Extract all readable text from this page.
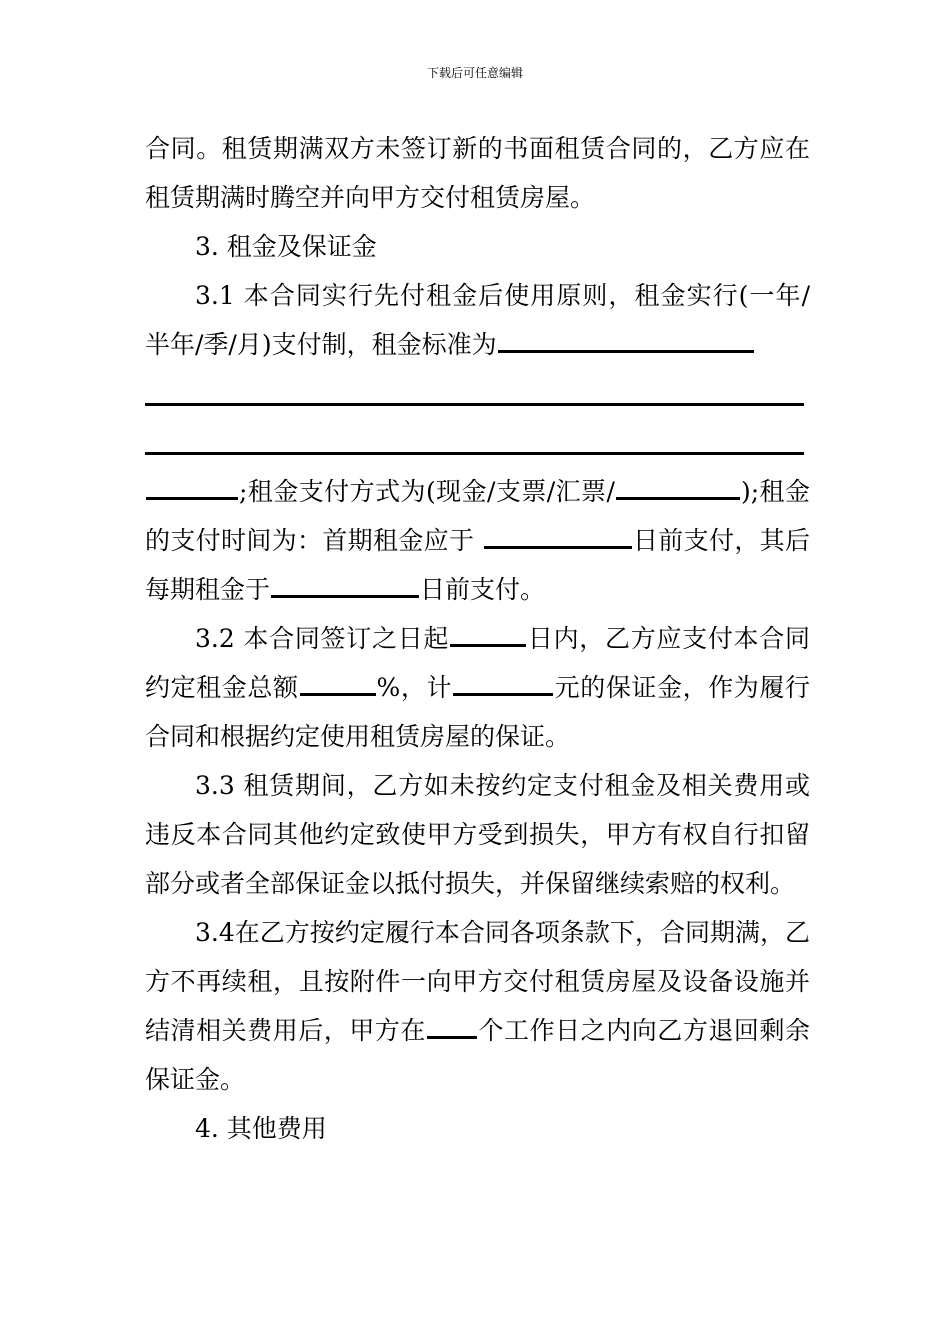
下载后可任意编辑

合同。租赁期满双方未签订新的书面租赁合同的，乙方应在租赁期满时腾空并向甲方交付租赁房屋。

3. 租金及保证金

3.1 本合同实行先付租金后使用原则，租金实行(一年/半年/季/月)支付制，租金标准为

;租金支付方式为(现金/支票/汇票/	);租金的支付时间为：首期租金应于	日前支付，其后每期租金于	日前支付。

3.2 本合同签订之日起	日内，乙方应支付本合同约定租金总额	%，计	元的保证金，作为履行合同和根据约定使用租赁房屋的保证。

3.3 租赁期间，乙方如未按约定支付租金及相关费用或违反本合同其他约定致使甲方受到损失，甲方有权自行扣留部分或者全部保证金以抵付损失，并保留继续索赔的权利。

3.4在乙方按约定履行本合同各项条款下，合同期满，乙方不再续租，且按附件一向甲方交付租赁房屋及设备设施并结清相关费用后，甲方在 个工作日之内向乙方退回剩余保证金。

4. 其他费用
